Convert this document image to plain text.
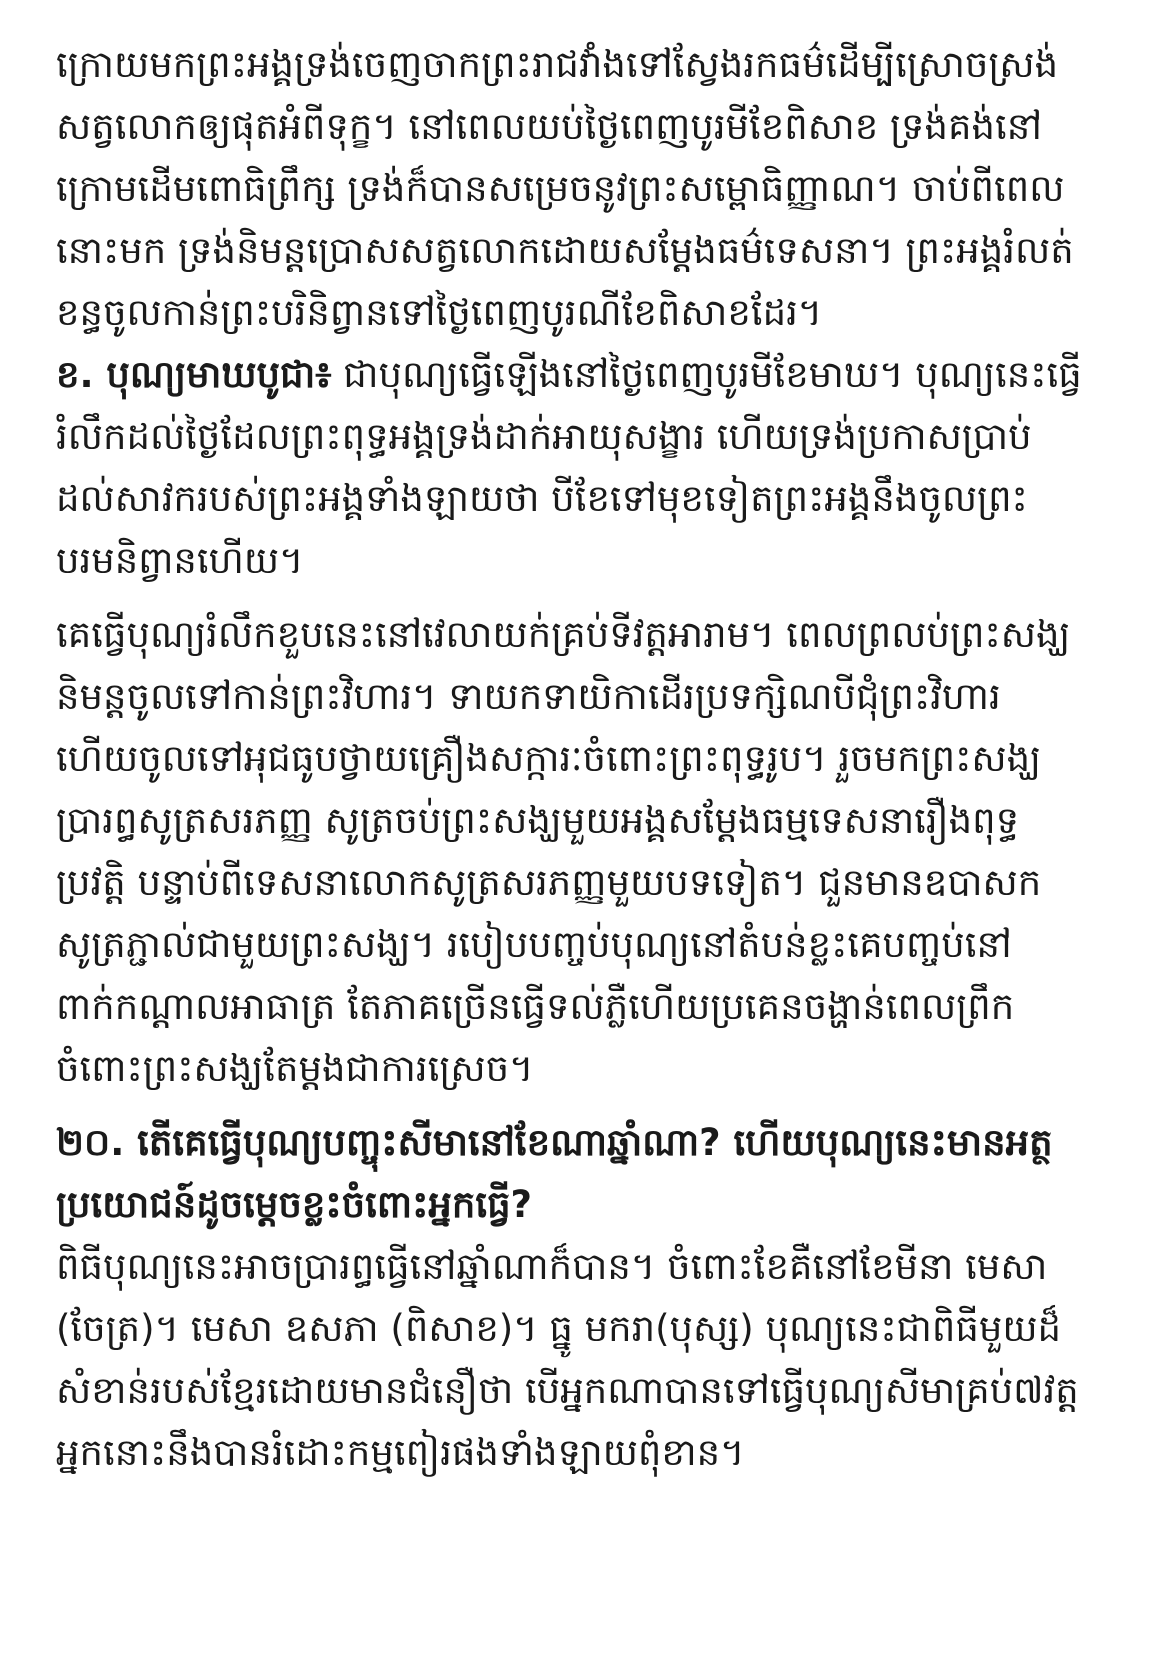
ក្រោយមកព្រះអង្គទ្រង់ចេញចាកព្រះរាជវាំងទៅស្វែងរកធម៌ដើម្បីស្រោចស្រង់
សត្វលោកឲ្យផុតអំពីទុក្ខ។ នៅពេលយប់ថ្ងៃពេញបូរមីខែពិសាខ ទ្រង់គង់នៅ
ក្រោមដើមពោធិព្រឹក្ស ទ្រង់ក៏បានសម្រេចនូវព្រះសម្ពោធិញ្ញាណ។ ចាប់ពីពេល
នោះមក ទ្រង់និមន្តប្រោសសត្វលោកដោយសម្តែងធម៌ទេសនា។ ព្រះអង្គរំលត់
ខន្ធចូលកាន់ព្រះបរិនិព្វានទៅថ្ងៃពេញបូរណីខែពិសាខដែរ។
ខ. បុណ្យមាឃបូជា៖ ជាបុណ្យធ្វើឡើងនៅថ្ងៃពេញបូរមីខែមាឃ។ បុណ្យនេះធ្វើ
រំលឹកដល់ថ្ងៃដែលព្រះពុទ្ធអង្គទ្រង់ដាក់អាយុសង្ខារ ហើយទ្រង់ប្រកាសប្រាប់
ដល់សាវករបស់ព្រះអង្គទាំងឡាយថា បីខែទៅមុខទៀតព្រះអង្គនឹងចូលព្រះ
បរមនិព្វានហើយ។
គេធ្វើបុណ្យរំលឹកខួបនេះនៅវេលាយក់គ្រប់ទីវត្តអារាម។ ពេលព្រលប់ព្រះសង្ឃ
និមន្តចូលទៅកាន់ព្រះវិហារ។ ទាយកទាយិកាដើរប្រទក្សិណបីជុំព្រះវិហារ
ហើយចូលទៅអុជធូបថ្វាយគ្រឿងសក្ការៈចំពោះព្រះពុទ្ធរូប។ រួចមកព្រះសង្ឃ
ប្រារព្ធសូត្រសរភញ្ញ សូត្រចប់ព្រះសង្ឃមួយអង្គសម្តែងធម្មទេសនារឿងពុទ្ធ
ប្រវត្តិ បន្ទាប់ពីទេសនាលោកសូត្រសរភញ្ញមួយបទទៀត។ ជួនមានឧបាសក
សូត្រភ្ជាល់ជាមួយព្រះសង្ឃ។ របៀបបញ្ចប់បុណ្យនៅតំបន់ខ្លះគេបញ្ចប់នៅ
ពាក់កណ្តាលអាធាត្រ តែភាគច្រើនធ្វើទល់ភ្លឺហើយប្រគេនចង្ហាន់ពេលព្រឹក
ចំពោះព្រះសង្ឃតែម្តងជាការស្រេច។
២០. តើគេធ្វើបុណ្យបញ្ចុះសីមានៅខែណាឆ្នាំណា? ហើយបុណ្យនេះមានអត្ថ
ប្រយោជន៍ដូចម្តេចខ្លះចំពោះអ្នកធ្វើ?
ពិធីបុណ្យនេះអាចប្រារព្ធធ្វើនៅឆ្នាំណាក៏បាន។ ចំពោះខែគឺនៅខែមីនា មេសា
(ចែត្រ)។ មេសា ឧសភា (ពិសាខ)។ ធ្នូ មករា(បុស្ស) បុណ្យនេះជាពិធីមួយដ៏
សំខាន់របស់ខ្មែរដោយមានជំនឿថា បើអ្នកណាបានទៅធ្វើបុណ្យសីមាគ្រប់៧វត្ត
អ្នកនោះនឹងបានរំដោះកម្មពៀរផងទាំងឡាយពុំខាន។
